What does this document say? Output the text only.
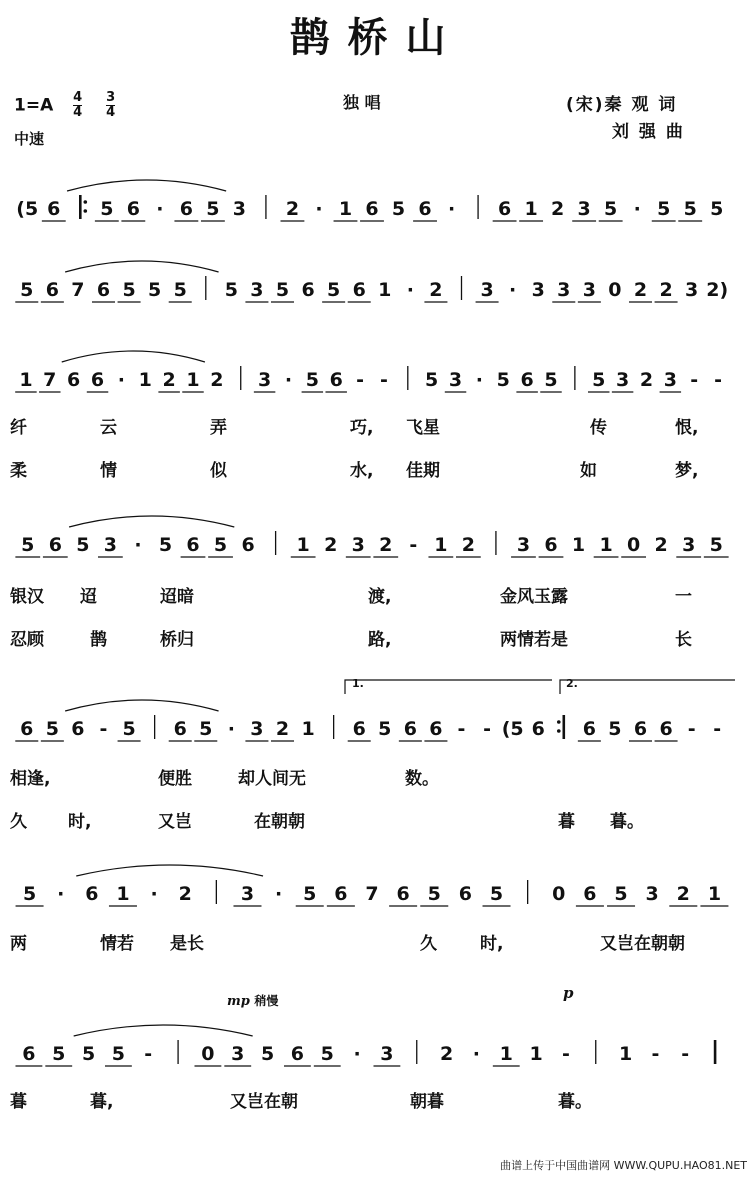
鹊桥山
$1=A \frac{4}{4}$
$\frac{3}{4}$
中速
独 唱	(宋)秦 观 词
刘 强 曲
(5 6 5 6 · 6 5 3 2 · 1 6 5 6 · 6 1 2 3 5 · 5 5 5
5 6 7 6 5 5 5 5 3 5 6 5 6 1 · 2 3 · 3 3 3 0 2 2 3 2)
1 7 6 6 · 1 2 1 2 3 · 5 6 - - 5 3 · 5 6 5 5 3 2 3 - -
5 6 5 3 · 5 6 5 6 1 2 3 2 - 1 2 3 6 1 1 0 2 3 5
6 5 6 - 5 6 5 · 3 2 1 6 5 6 6 - - (5 6 6 5 6 6 - -
5 · 6 1 · 2	3 · 5 6 7 6 5 6 5	0 6 5 3 2 1
6 5 5 5 -	0 3 5 6 5 · 3 2 · 1 1 -	1 - -
mp 稍慢	p
1.	2.
纤	云	弄	巧, 飞星	传	恨,
柔	情	似	水, 佳期	如	梦,
银汉 迢	迢暗	渡,	金风玉露	一
忍顾	鹊	桥归	路,	两情若是	长
相逢,	便胜	却人间无	数。
久 时,	又岂	在朝朝	暮 暮。
两	情若 是长	久	时,	又岂在朝朝
暮	暮,	又岂在朝	朝暮	暮。
曲谱上传于中国曲谱网 WWW.QUPU.HAO81.NET
